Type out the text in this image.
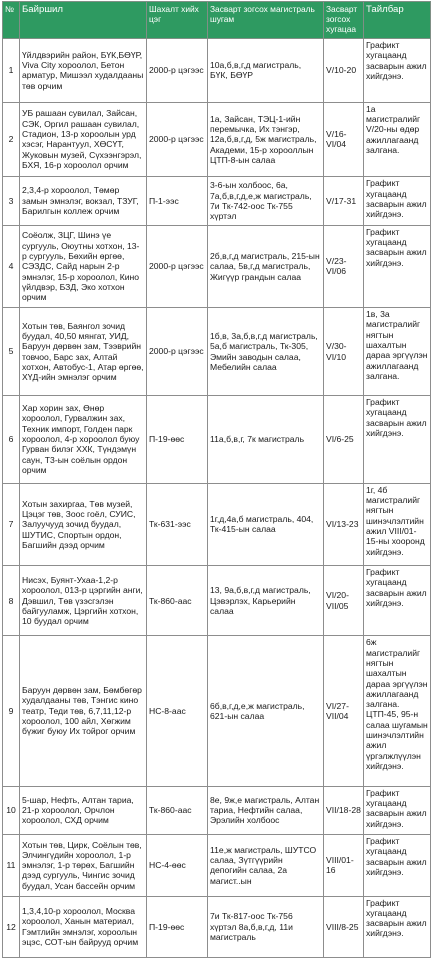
№	Байршил	Шахалт хийх цэг	Засварт зогсох магистраль шугам	Засварт зогсох хугацаа	Тайлбар
1	Үйлдвэрийн район, БҮК,БӨҮР, Viva City хороолол, Бетон арматур, Мишээл худалдааны төв орчим	2000-р цэгээс	10а,б,в,г,д магистраль, БҮК, БӨҮР	V/10-20	Графикт хугацаанд засварын ажил хийгдэнэ.
2	УБ рашаан сувилал, Зайсан, СЭК, Оргил рашаан сувилал, Стадион, 13-р хороолын урд хэсэг, Нарантуул, ХӨСҮТ, Жуковын музей, Сүхээнгэрэл, БХЯ, 16-р хороолол орчим	2000-р цэгээс	1а, Зайсан, ТЭЦ-1-ийн перемычка, Их тэнгэр, 12а,б,в,г,д, 5ж магистраль, Академи, 15-р хорооллын ЦТП-8-ын салаа	V/16-VI/04	1а магистралийг V/20-ны өдөр ажиллагаанд залгана.
3	2,3,4-р хороолол, Төмөр замын эмнэлэг, вокзал, ТЗУГ, Барилгын коллеж орчим	П-1-ээс	3-6-ын холбоос, 6а, 7а,б,в,г,д,е,ж магистраль, 7и Тк-742-оос Тк-755 хүртэл	V/17-31	Графикт хугацаанд засварын ажил хийгдэнэ.
4	Соёолж, ЗЦГ, Шинэ үе сургууль, Оюутны хотхон, 13-р сургууль, Бөхийн өргөө, СЭЗДС, Сайд нарын 2-р эмнэлэг, 15-р хороолол, Кино үйлдвэр, БЗД, Эко хотхон орчим	2000-р цэгээс	2б,в,г,д магистраль, 215-ын салаа, 5в,г,д магистраль, Жигүүр грандын салаа	V/23-VI/06	Графикт хугацаанд засварын ажил хийгдэнэ.
5	Хотын төв, Баянгол зочид буудал, 40,50 мянгат, УИД, Баруун дөрвөн зам, Тээврийн товчоо, Барс зах, Алтай хотхон, Автобус-1, Атар өргөө, ХҮД-ийн эмнэлэг орчим	2000-р цэгээс	1б,в, 3а,б,в,г,д магистраль, 5а,б магистраль, Тк-305, Эмийн заводын салаа, Мебелийн салаа	V/30-VI/10	1в, 3а магистралийг нягтын шахалтын дараа эргүүлэн ажиллагаанд залгана.
6	Хар хорин зах, Өнөр хороолол, Гурвалжин зах, Техник импорт, Голден парк хороолол, 4-р хороолол буюу Гурван билэг ХХК, Түндэмүн саун, Т3-ын соёлын ордон орчим	П-19-өөс	11а,б,в,г, 7к магистраль	VI/6-25	Графикт хугацаанд засварын ажил хийгдэнэ.
7	Хотын захиргаа, Төв музей, Цэцэг төв, Зоос гоёл, СУИС, Залуучууд зочид буудал, ШУТИС, Спортын ордон, Багшийн дээд орчим	Тк-631-ээс	1г,д,4а,б магистраль, 404, Тк-415-ын салаа	VI/13-23	1г, 4б магистралийг нягтын шинэчлэлтийн ажил VIII/01-15-ны хооронд хийгдэнэ.
8	Нисэх, Буянт-Ухаа-1,2-р хороолол, 013-р цэргийн анги, Дэвшил, Төв үзэсгэлэн байгууламж, Цэргийн хотхон, 10 буудал орчим	Тк-860-аас	13, 9а,б,в,г,д магистраль, Цэвэрлэх, Карьерийн салаа	VI/20-VII/05	Графикт хугацаанд засварын ажил хийгдэнэ.
9	Баруун дөрвөн зам, Бөмбөгөр худалдааны төв, Тэнгис кино театр, Теди төв, 6,7,11,12-р хороолол, 100 айл, Хөгжим бүжиг буюу Их тойрог орчим	НС-8-аас	6б,в,г,д,е,ж магистраль, 621-ын салаа	VI/27-VII/04	6ж магистралийг нягтын шахалтын дараа эргүүлэн ажиллагаанд залгана. ЦТП-45, 95-н салаа шугамын шинэчлэлтийн ажил үргэлжлүүлэн хийгдэнэ.
10	5-шар, Нефть, Алтан тариа, 21-р хороолол, Орчлон хороолол, СХД орчим	Тк-860-аас	8е, 9ж,е магистраль, Алтан тариа, Нефтийн салаа, Эрэлийн холбоос	VII/18-28	Графикт хугацаанд засварын ажил хийгдэнэ.
11	Хотын төв, Цирк, Соёлын төв, Элчингүдийн хороолол, 1-р эмнэлэг, 1-р төрөх, Багшийн дээд сургууль, Чингис зочид буудал, Усан бассейн орчим	НС-4-өөс	11е,ж магистраль, ШУТСО салаа, Зүтгүүрийн депогийн салаа, 2а магист..ын	VIII/01-16	Графикт хугацаанд засварын ажил хийгдэнэ.
12	1,3,4,10-р хороолол, Москва хороолол, Ханын материал, Гэмтлийн эмнэлэг, хороолын эцэс, СОТ-ын байрууд орчим	П-19-өөс	7и Тк-817-оос Тк-756 хүртэл 8а,б,в,г,д, 11и магистраль	VIII/8-25	Графикт хугацаанд засварын ажил хийгдэнэ.
